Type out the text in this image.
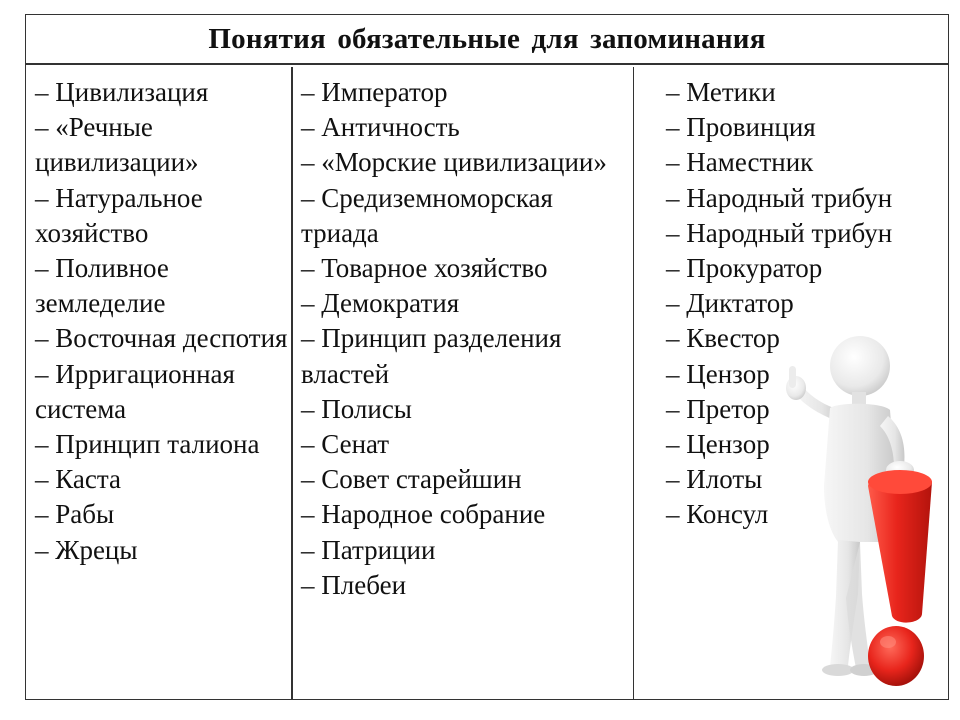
Понятия обязательные для запоминания
– Цивилизация
– «Речные цивилизации»
– Натуральное хозяйство
– Поливное земледелие
– Восточная деспотия
– Ирригационная система
– Принцип талиона
– Каста
– Рабы
– Жрецы
– Император
– Античность
– «Морские цивилизации»
– Средиземноморская триада
– Товарное хозяйство
– Демократия
– Принцип разделения властей
– Полисы
– Сенат
– Совет старейшин
– Народное собрание
– Патриции
– Плебеи
– Метики
– Провинция
– Наместник
– Народный трибун
– Народный трибун
– Прокуратор
– Диктатор
– Квестор
– Цензор
– Претор
– Цензор
– Илоты
– Консул
